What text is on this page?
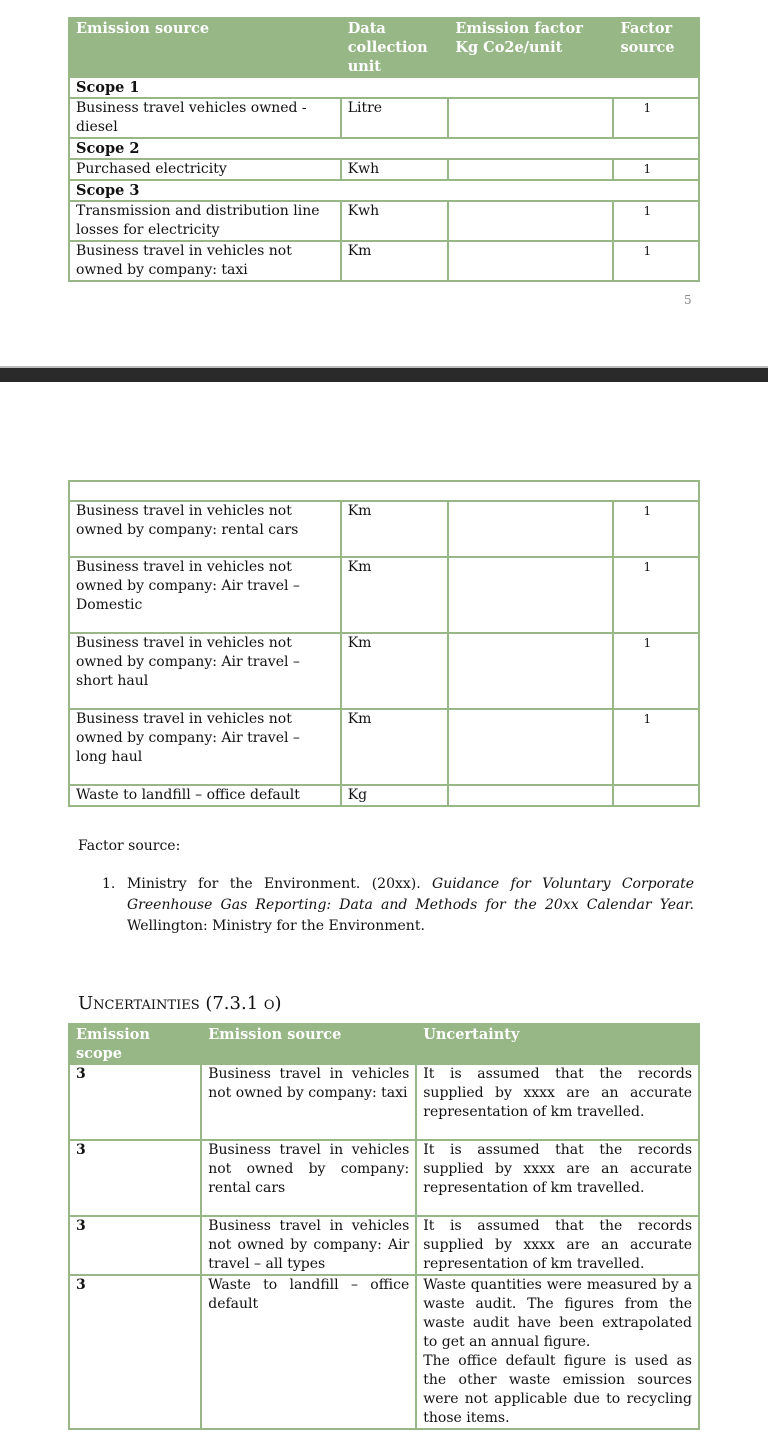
Emission source	Data collection unit	Emission factor Kg Co2e/unit	Factor source
Scope 1			
Business travel vehicles owned - diesel	Litre		1

Scope 2			
Purchased electricity	Kwh		1

Scope 3			
Transmission and distribution line losses for electricity	Kwh		1

Business travel in vehicles not owned by company: taxi	Km		1
5

Business travel in vehicles not owned by company: rental cars	Km		1

Business travel in vehicles not owned by company: Air travel – Domestic	Km		1

Business travel in vehicles not owned by company: Air travel – short haul	Km		1

Business travel in vehicles not owned by company: Air travel – long haul	Km		1

Waste to landfill – office default	Kg		
Factor source:
1. Ministry for the Environment. (20xx). Guidance for Voluntary Corporate Greenhouse Gas Reporting: Data and Methods for the 20xx Calendar Year. Wellington: Ministry for the Environment.
Uncertainties (7.3.1 o)
Emission scope	Emission source	Uncertainty
3	Business travel in vehicles not owned by company: taxi	It is assumed that the records supplied by xxxx are an accurate representation of km travelled.
3	Business travel in vehicles not owned by company: rental cars	It is assumed that the records supplied by xxxx are an accurate representation of km travelled.
3	Business travel in vehicles not owned by company: Air travel – all types	It is assumed that the records supplied by xxxx are an accurate representation of km travelled.
3	Waste to landfill – office default	Waste quantities were measured by a waste audit. The figures from the waste audit have been extrapolated to get an annual figure.
The office default figure is used as the other waste emission sources were not applicable due to recycling those items.
